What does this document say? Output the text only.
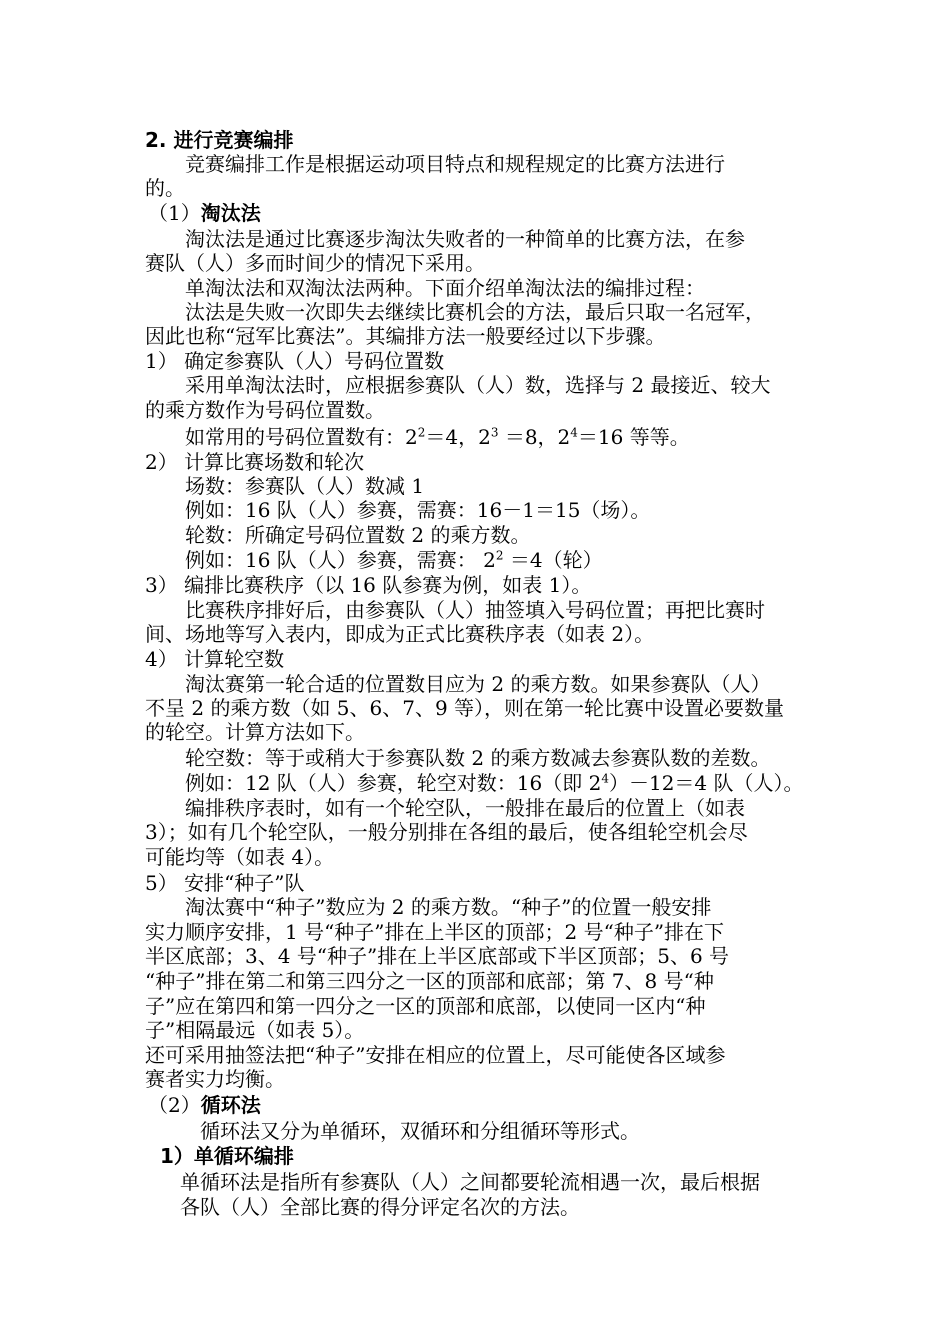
2. 进行竞赛编排
竞赛编排工作是根据运动项目特点和规程规定的比赛方法进行
的。
（1）淘汰法
淘汰法是通过比赛逐步淘汰失败者的一种简单的比赛方法，在参
赛队（人）多而时间少的情况下采用。
单淘汰法和双淘汰法两种。下面介绍单淘汰法的编排过程：
汰法是失败一次即失去继续比赛机会的方法，最后只取一名冠军，
因此也称“冠军比赛法”。其编排方法一般要经过以下步骤。
1） 确定参赛队（人）号码位置数
采用单淘汰法时，应根据参赛队（人）数，选择与 2 最接近、较大
的乘方数作为号码位置数。
如常用的号码位置数有：$2^2=4$，$2^3 =8$，$2^4=16$ 等等。
2） 计算比赛场数和轮次
场数：参赛队（人）数减 1
例如：16 队（人）参赛，需赛：16－1＝15（场）。
轮数：所确定号码位置数 2 的乘方数。
例如：16 队（人）参赛，需赛： $2^2 =4$（轮）
3） 编排比赛秩序（以 16 队参赛为例，如表 1）。
比赛秩序排好后，由参赛队（人）抽签填入号码位置；再把比赛时
间、场地等写入表内，即成为正式比赛秩序表（如表 2）。
4） 计算轮空数
淘汰赛第一轮合适的位置数目应为 2 的乘方数。如果参赛队（人）
不呈 2 的乘方数（如 5、6、7、9 等），则在第一轮比赛中设置必要数量
的轮空。计算方法如下。
轮空数：等于或稍大于参赛队数 2 的乘方数减去参赛队数的差数。
例如：12 队（人）参赛，轮空对数：16（即 $2^4)-12=4$ 队（人）。
编排秩序表时，如有一个轮空队，一般排在最后的位置上（如表
3）；如有几个轮空队，一般分别排在各组的最后，使各组轮空机会尽
可能均等（如表 4）。
5） 安排“种子”队
淘汰赛中“种子”数应为 2 的乘方数。“种子”的位置一般安排
实力顺序安排，1 号“种子”排在上半区的顶部；2 号“种子”排在下
半区底部；3、4 号“种子”排在上半区底部或下半区顶部；5、6 号
“种子”排在第二和第三四分之一区的顶部和底部；第 7、8 号“种
子”应在第四和第一四分之一区的顶部和底部，以使同一区内“种
子”相隔最远（如表 5）。
还可采用抽签法把“种子”安排在相应的位置上，尽可能使各区域参
赛者实力均衡。
（2）循环法
循环法又分为单循环，双循环和分组循环等形式。
1）单循环编排
单循环法是指所有参赛队（人）之间都要轮流相遇一次，最后根据
各队（人）全部比赛的得分评定名次的方法。
